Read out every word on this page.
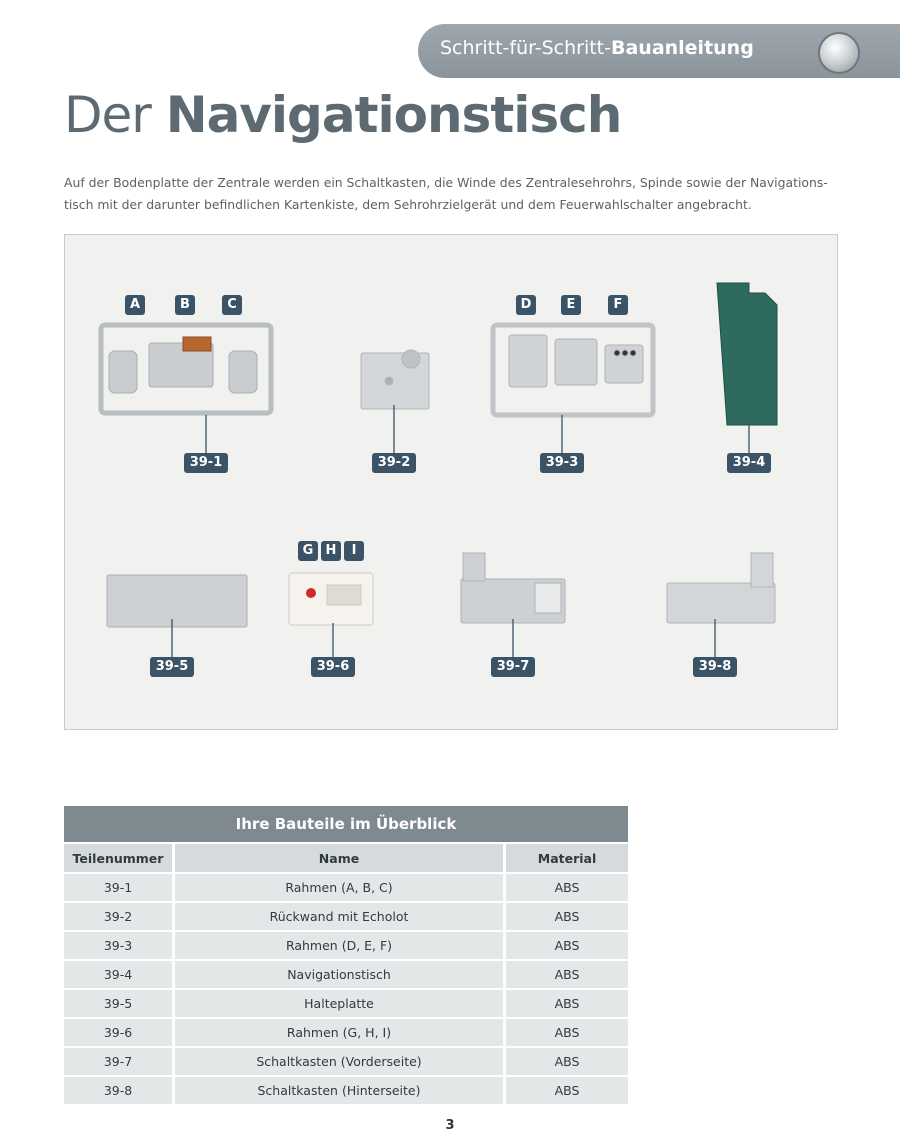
Schritt-für-Schritt-Bauanleitung
Der Navigationstisch
Auf der Bodenplatte der Zentrale werden ein Schaltkasten, die Winde des Zentralesehrohrs, Spinde sowie der Navigations-tisch mit der darunter befindlichen Kartenkiste, dem Sehrohrzielgerät und dem Feuerwahlschalter angebracht.
39-1	39-2	39-3	39-4
39-5	39-6	39-7	39-8
A	B	C	D	E	F
G H	I
Ihre Bauteile im Überblick		
Teilenummer	Name	Material
39-1	Rahmen (A, B, C)	ABS
39-2	Rückwand mit Echolot	ABS
39-3	Rahmen (D, E, F)	ABS
39-4	Navigationstisch	ABS
39-5	Halteplatte	ABS
39-6	Rahmen (G, H, I)	ABS
39-7	Schaltkasten (Vorderseite)	ABS
39-8	Schaltkasten (Hinterseite)	ABS
3
